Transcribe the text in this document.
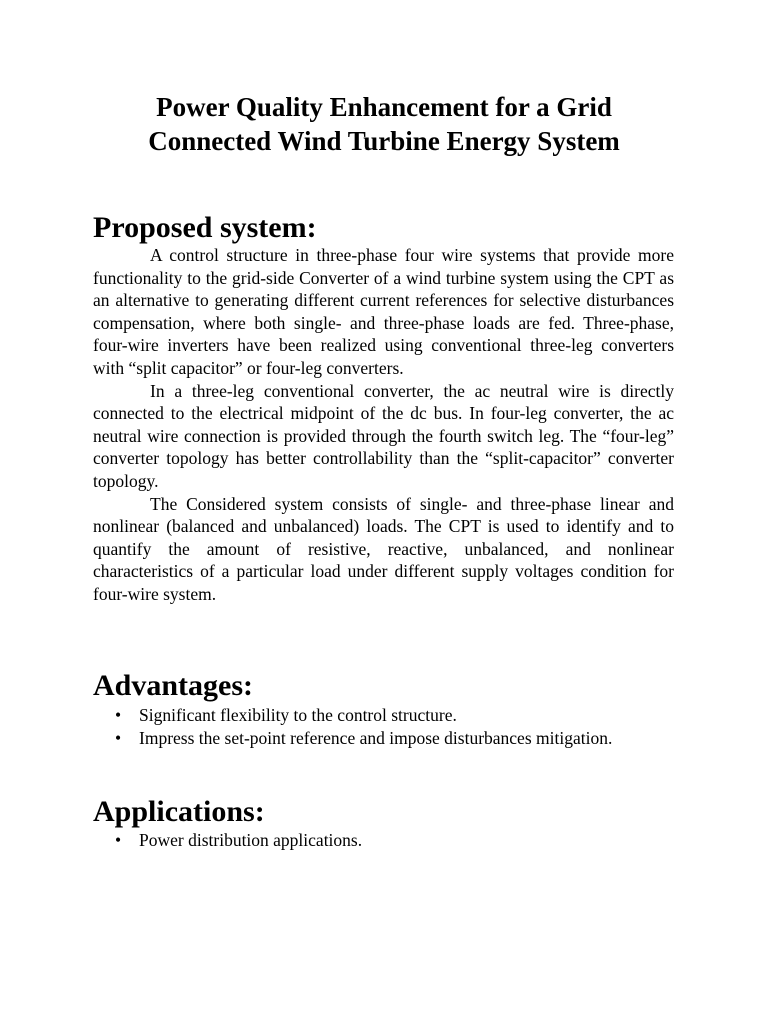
Power Quality Enhancement for a Grid
Connected Wind Turbine Energy System
Proposed system:

A control structure in three-phase four wire systems that provide more functionality to the grid-side Converter of a wind turbine system using the CPT as an alternative to generating different current references for selective disturbances compensation, where both single- and three-phase loads are fed. Three-phase, four-wire inverters have been realized using conventional three-leg converters with “split capacitor” or four-leg converters.

In a three-leg conventional converter, the ac neutral wire is directly connected to the electrical midpoint of the dc bus. In four-leg converter, the ac neutral wire connection is provided through the fourth switch leg. The “four-leg” converter topology has better controllability than the “split-capacitor” converter topology.

The Considered system consists of single- and three-phase linear and nonlinear (balanced and unbalanced) loads. The CPT is used to identify and to quantify the amount of resistive, reactive, unbalanced, and nonlinear characteristics of a particular load under different supply voltages condition for four-wire system.

Advantages:
• Significant flexibility to the control structure.
• Impress the set-point reference and impose disturbances mitigation.
Applications:
• Power distribution applications.
